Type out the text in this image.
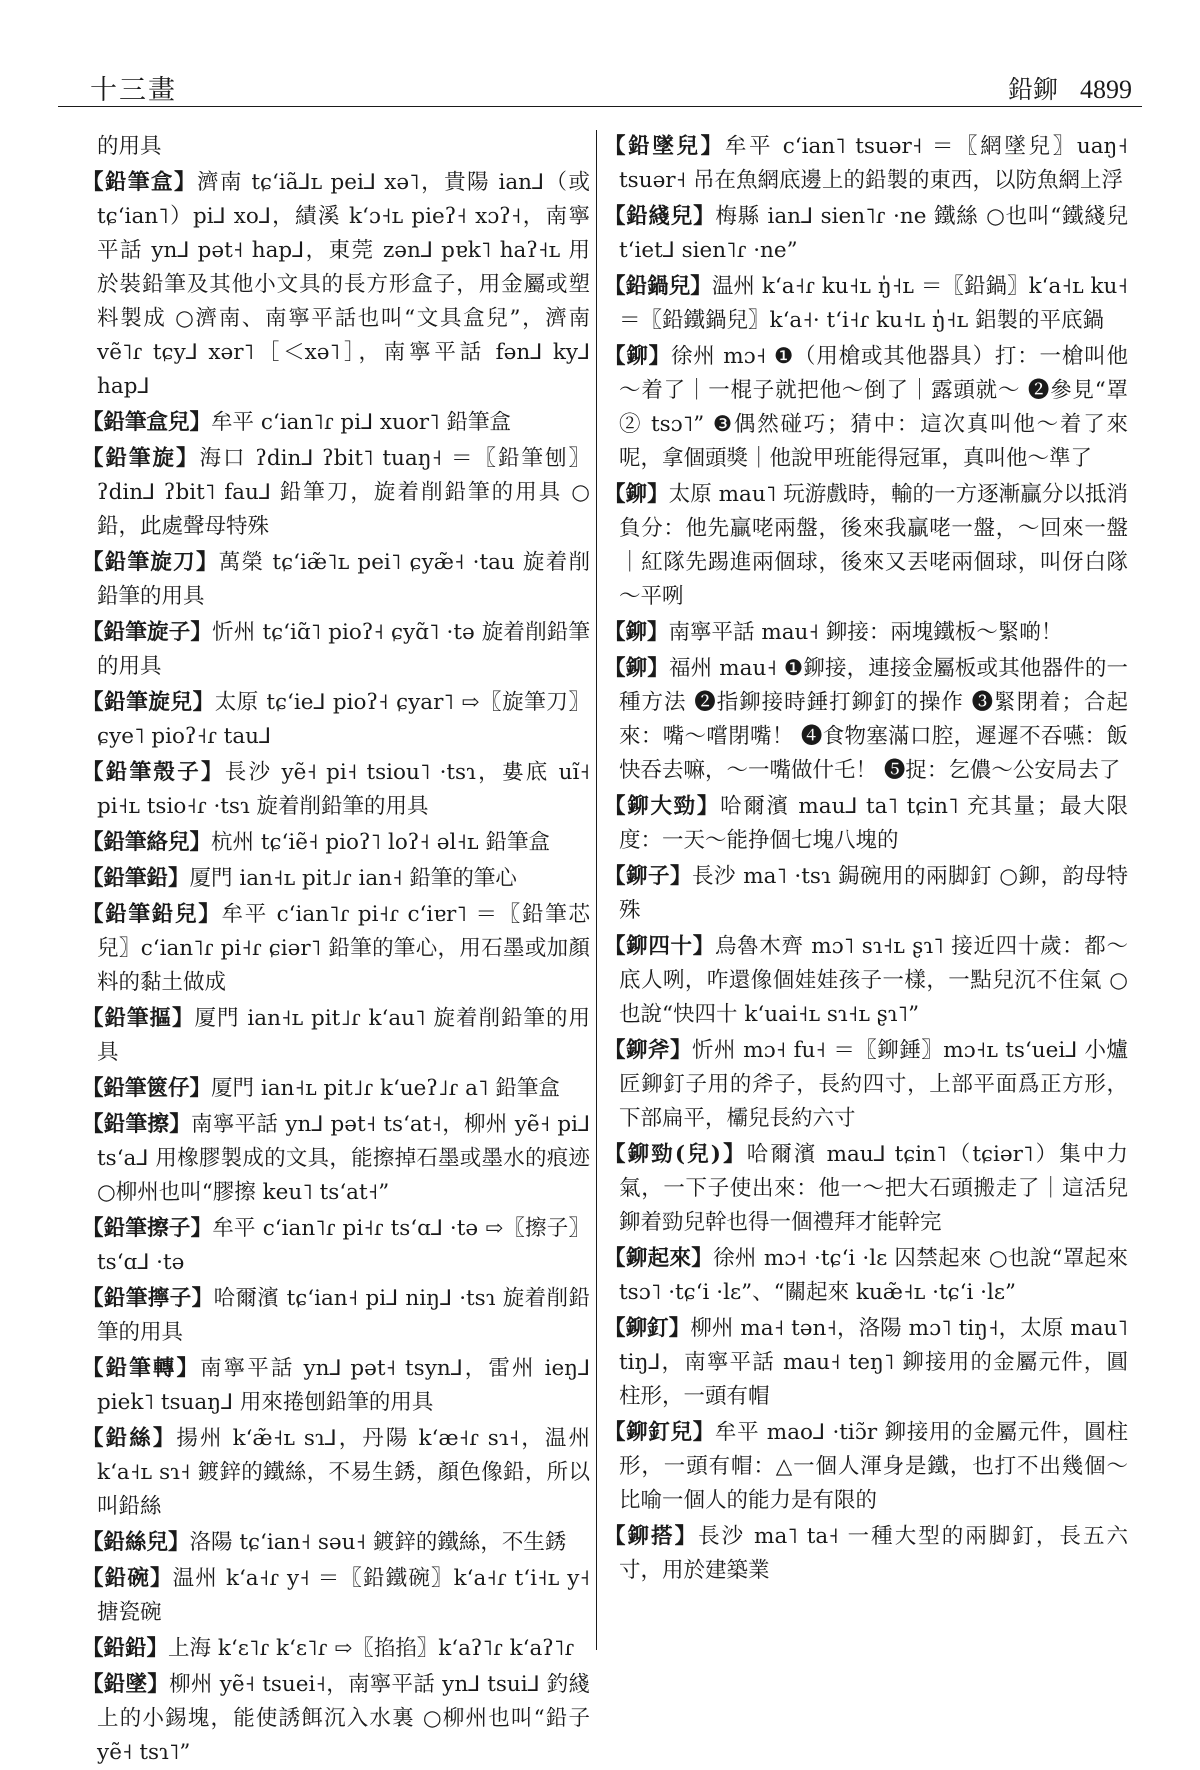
十三畫	鉛鉚 4899

的用具

【鉛筆盒】濟南 tɕʻiã⅃ʟ pei⅃ xə˥，貴陽 ian⅃（或 tɕʻian˥）pi⅃ xo⅃，績溪 kʻɔ˧ʟ pieʔ˧ xɔʔ˧，南寧平話 yn⅃ pət˧ hap⅃，東莞 zən⅃ pɐk˥ haʔ˧ʟ 用於裝鉛筆及其他小文具的長方形盒子，用金屬或塑料製成 ○濟南、南寧平話也叫“文具盒兒”，濟南 vẽ˥ɾ tɕy⅃ xər˥［＜xə˥］，南寧平話 fən⅃ ky⅃ hap⅃

【鉛筆盒兒】牟平 cʻian˥ɾ pi⅃ xuor˥ 鉛筆盒

【鉛筆旋】海口 ʔdin⅃ ʔbit˥ tuaŋ˧ ＝〖鉛筆刨〗ʔdin⅃ ʔbit˥ fau⅃ 鉛筆刀，旋着削鉛筆的用具 ○鉛，此處聲母特殊

【鉛筆旋刀】萬榮 tɕʻiæ̃˥ʟ pei˥ ɕyæ̃˧ ·tau 旋着削鉛筆的用具

【鉛筆旋子】忻州 tɕʻiɑ̃˥ pioʔ˧ ɕyɑ̃˥ ·tə 旋着削鉛筆的用具

【鉛筆旋兒】太原 tɕʻie⅃ pioʔ˧ ɕyar˥ ⇨〖旋筆刀〗ɕye˥ pioʔ˧ɾ tau⅃

【鉛筆殼子】長沙 yẽ˧ pi˧ tsiou˥ ·tsɿ，婁底 uĩ˧ pi˧ʟ tsio˧ɾ ·tsɿ 旋着削鉛筆的用具

【鉛筆絡兒】杭州 tɕʻiẽ˧ pioʔ˥ loʔ˧ əl˧ʟ 鉛筆盒

【鉛筆鉛】厦門 ian˧ʟ pit˩ɾ ian˧ 鉛筆的筆心

【鉛筆鉛兒】牟平 cʻian˥ɾ pi˧ɾ cʻiɐr˥ ＝〖鉛筆芯兒〗cʻian˥ɾ pi˧ɾ ɕiər˥ 鉛筆的筆心，用石墨或加顏料的黏土做成

【鉛筆摳】厦門 ian˧ʟ pit˩ɾ kʻau˥ 旋着削鉛筆的用具

【鉛筆篋仔】厦門 ian˧ʟ pit˩ɾ kʻueʔ˩ɾ a˥ 鉛筆盒

【鉛筆擦】南寧平話 yn⅃ pət˧ tsʻat˧，柳州 yẽ˧ pi⅃ tsʻa⅃ 用橡膠製成的文具，能擦掉石墨或墨水的痕迹 ○柳州也叫“膠擦 keu˥ tsʻat˧”

【鉛筆擦子】牟平 cʻian˥ɾ pi˧ɾ tsʻɑ⅃ ·tə ⇨〖擦子〗tsʻɑ⅃ ·tə

【鉛筆擰子】哈爾濱 tɕʻian˧ pi⅃ niŋ⅃ ·tsɿ 旋着削鉛筆的用具

【鉛筆轉】南寧平話 yn⅃ pət˧ tsyn⅃，雷州 ieŋ⅃ piek˥ tsuaŋ⅃ 用來捲刨鉛筆的用具

【鉛絲】揚州 kʻæ̃˧ʟ sɿ⅃，丹陽 kʻæ˧ɾ sɿ˧，温州 kʻa˧ʟ sɿ˧ 鍍鋅的鐵絲，不易生銹，顏色像鉛，所以叫鉛絲

【鉛絲兒】洛陽 tɕʻian˧ səu˧ 鍍鋅的鐵絲，不生銹

【鉛碗】温州 kʻa˧ɾ y˧ ＝〖鉛鐵碗〗kʻa˧ɾ tʻi˧ʟ y˧ 搪瓷碗

【鉛鉛】上海 kʻɛ˥ɾ kʻɛ˥ɾ ⇨〖掐掐〗kʻaʔ˥ɾ kʻaʔ˥ɾ

【鉛墜】柳州 yẽ˧ tsuei˧，南寧平話 yn⅃ tsui⅃ 釣綫上的小錫塊，能使誘餌沉入水裏 ○柳州也叫“鉛子 yẽ˧ tsɿ˥”

【鉛墜兒】牟平 cʻian˥ tsuər˧ ＝〖網墜兒〗uaŋ˧ tsuər˧ 吊在魚網底邊上的鉛製的東西，以防魚網上浮

【鉛綫兒】梅縣 ian⅃ sien˥ɾ ·ne 鐵絲 ○也叫“鐵綫兒 tʻiet⅃ sien˥ɾ ·ne”

【鉛鍋兒】温州 kʻa˧ɾ ku˧ʟ ŋ̍˧ʟ ＝〖鉛鍋〗kʻa˧ʟ ku˧ ＝〖鉛鐵鍋兒〗kʻa˧· tʻi˧ɾ ku˧ʟ ŋ̍˧ʟ 鋁製的平底鍋

【鉚】徐州 mɔ˧ ❶（用槍或其他器具）打：一槍叫他～着了｜一棍子就把他～倒了｜露頭就～ ❷參見“罩② tsɔ˥” ❸偶然碰巧；猜中：這次真叫他～着了來呢，拿個頭獎｜他說甲班能得冠軍，真叫他～準了

【鉚】太原 mau˥ 玩游戲時，輸的一方逐漸贏分以抵消負分：他先贏咾兩盤，後來我贏咾一盤，～回來一盤｜紅隊先踢進兩個球，後來又丟咾兩個球，叫伢白隊～平咧

【鉚】南寧平話 mau˧ 鉚接：兩塊鐵板～緊啲！

【鉚】福州 mau˧ ❶鉚接，連接金屬板或其他器件的一種方法 ❷指鉚接時錘打鉚釘的操作 ❸緊閉着；合起來：嘴～嚐閉嘴！ ❹食物塞滿口腔，遲遲不吞嚥：飯快吞去嘛，～一嘴做什乇！ ❺捉：乞儂～公安局去了

【鉚大勁】哈爾濱 mau⅃ ta˥ tɕin˥ 充其量；最大限度：一天～能挣個七塊八塊的

【鉚子】長沙 ma˥ ·tsɿ 鋦碗用的兩脚釘 ○鉚，韵母特殊

【鉚四十】烏魯木齊 mɔ˥ sɿ˧ʟ ʂɿ˥ 接近四十歲：都～底人咧，咋還像個娃娃孩子一樣，一點兒沉不住氣 ○也說“快四十 kʻuai˧ʟ sɿ˧ʟ ʂɿ˥”

【鉚斧】忻州 mɔ˧ fu˧ ＝〖鉚錘〗mɔ˧ʟ tsʻuei⅃ 小爐匠鉚釘子用的斧子，長約四寸，上部平面爲正方形，下部扁平，欛兒長約六寸

【鉚勁(兒)】哈爾濱 mau⅃ tɕin˥（tɕiər˥）集中力氣，一下子使出來：他一～把大石頭搬走了｜這活兒鉚着勁兒幹也得一個禮拜才能幹完

【鉚起來】徐州 mɔ˧ ·tɕʻi ·lɛ 囚禁起來 ○也說“罩起來 tsɔ˥ ·tɕʻi ·lɛ”、“關起來 kuæ̃˧ʟ ·tɕʻi ·lɛ”

【鉚釘】柳州 ma˧ tən˧，洛陽 mɔ˥ tiŋ˧，太原 mau˥ tiŋ⅃，南寧平話 mau˧ teŋ˥ 鉚接用的金屬元件，圓柱形，一頭有帽

【鉚釘兒】牟平 mao⅃ ·tiɔ̃r 鉚接用的金屬元件，圓柱形，一頭有帽：△一個人渾身是鐵，也打不出幾個～比喻一個人的能力是有限的

【鉚搭】長沙 ma˥ ta˧ 一種大型的兩脚釘，長五六寸，用於建築業
